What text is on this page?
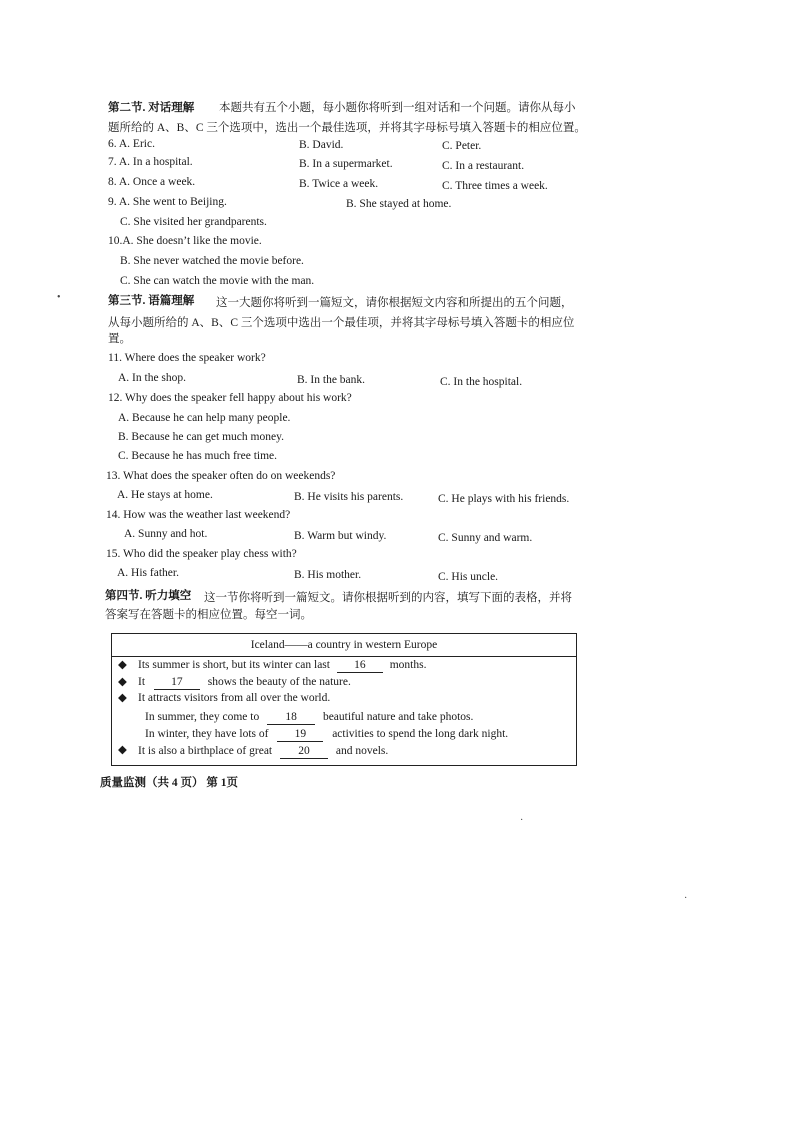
第二节. 对话理解 本题共有五个小题，每小题你将听到一组对话和一个问题。请你从每小
题所给的 A、B、C 三个选项中，选出一个最佳选项，并将其字母标号填入答题卡的相应位置。
6. A. Eric.	B. David.	C. Peter.
7. A. In a hospital.	B. In a supermarket.	C. In a restaurant.
8. A. Once a week.	B. Twice a week.	C. Three times a week.
9. A. She went to Beijing.	B. She stayed at home.
C. She visited her grandparents.
10.A. She doesn’t like the movie.
B. She never watched the movie before.
C. She can watch the movie with the man.
•	第三节. 语篇理解 这一大题你将听到一篇短文，请你根据短文内容和所提出的五个问题，
从每小题所给的 A、B、C 三个选项中选出一个最佳项，并将其字母标号填入答题卡的相应位
置。
11. Where does the speaker work?
A. In the shop.	B. In the bank.	C. In the hospital.
12. Why does the speaker fell happy about his work?
A. Because he can help many people.
B. Because he can get much money.
C. Because he has much free time.
13. What does the speaker often do on weekends?
A. He stays at home.	B. He visits his parents.	C. He plays with his friends.
14. How was the weather last weekend?
A. Sunny and hot.	B. Warm but windy.	C. Sunny and warm.
15. Who did the speaker play chess with?
A. His father.	B. His mother.	C. His uncle.
第四节. 听力填空 这一节你将听到一篇短文。请你根据听到的内容，填写下面的表格，并将
答案写在答题卡的相应位置。每空一词。
Iceland——a country in western Europe
◆ Its summer is short, but its winter can last 16 months.
◆ It 17 shows the beauty of the nature.
◆ It attracts visitors from all over the world.
In summer, they come to 18 beautiful nature and take photos.
In winter, they have lots of 19 activities to spend the long dark night.
◆ It is also a birthplace of great 20 and novels.
质量监测（共 4 页） 第 1页
·
·
